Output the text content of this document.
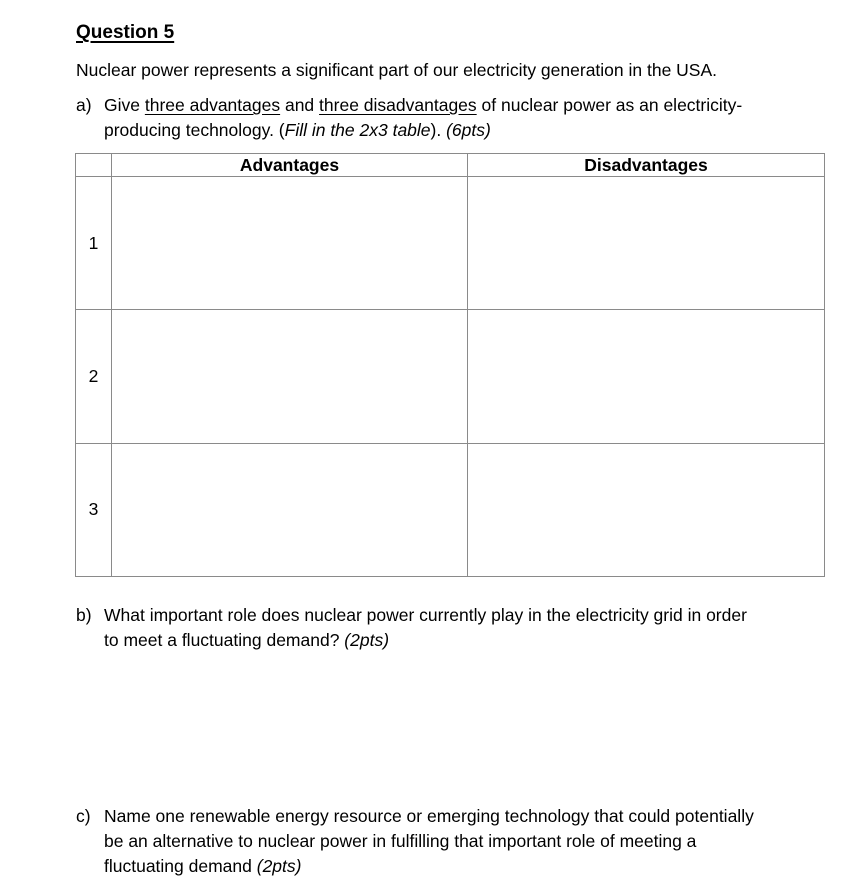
Question 5
Nuclear power represents a significant part of our electricity generation in the USA.
a) Give three advantages and three disadvantages of nuclear power as an electricity-
producing technology. (Fill in the 2x3 table). (6pts)
	Advantages	Disadvantages
1		
2		
3		
b) What important role does nuclear power currently play in the electricity grid in order
to meet a fluctuating demand? (2pts)
c) Name one renewable energy resource or emerging technology that could potentially
be an alternative to nuclear power in fulfilling that important role of meeting a
fluctuating demand (2pts)
